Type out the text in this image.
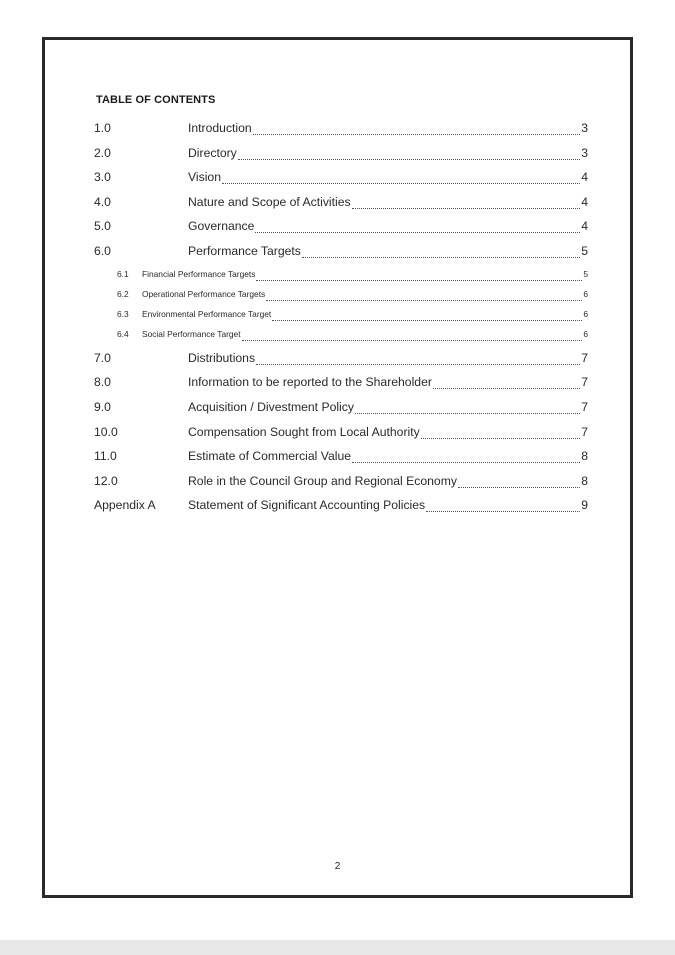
TABLE OF CONTENTS
1.0	Introduction	3
2.0	Directory	3
3.0	Vision	4
4.0	Nature and Scope of Activities	4
5.0	Governance	4
6.0	Performance Targets	5
6.1	Financial Performance Targets	5
6.2	Operational Performance Targets	6
6.3	Environmental Performance Target	6
6.4	Social Performance Target	6
7.0	Distributions	7
8.0	Information to be reported to the Shareholder	7
9.0	Acquisition / Divestment Policy	7
10.0	Compensation Sought from Local Authority	7
11.0	Estimate of Commercial Value	8
12.0	Role in the Council Group and Regional Economy	8
Appendix A	Statement of Significant Accounting Policies	9
2
